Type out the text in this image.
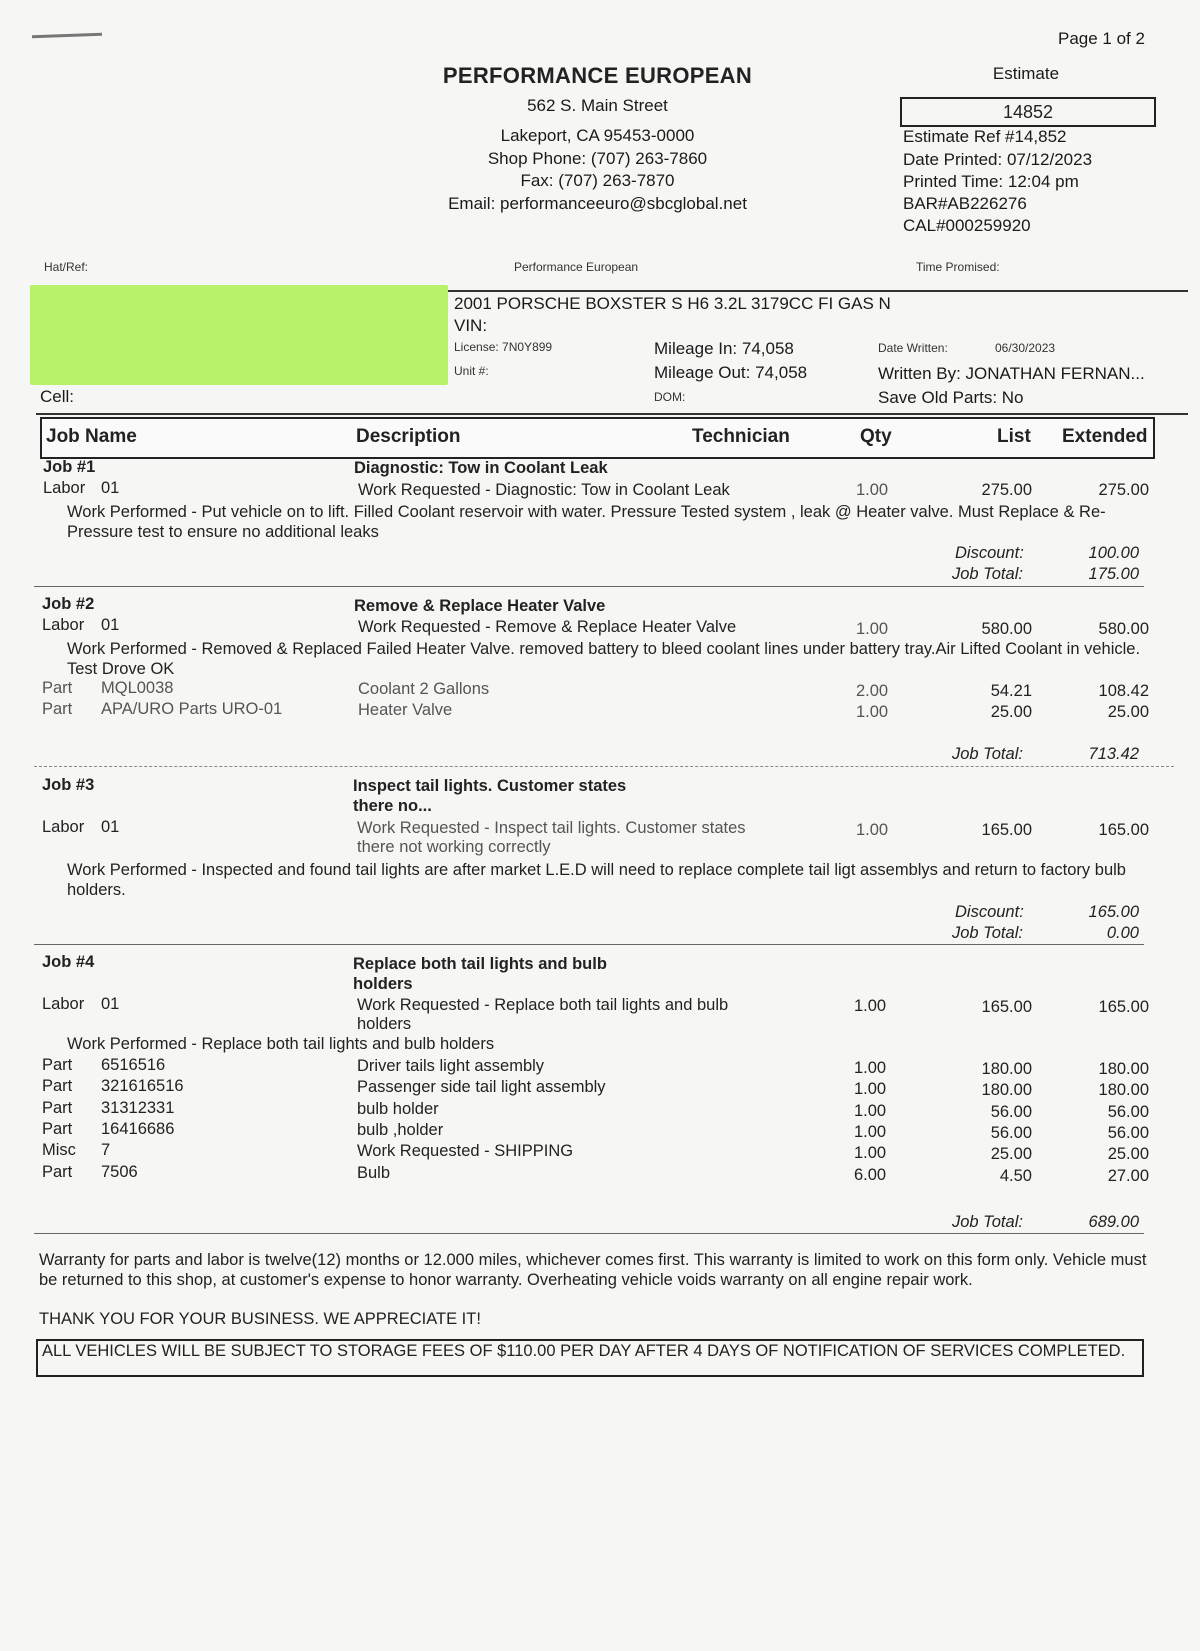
Page 1 of 2
PERFORMANCE EUROPEAN	Estimate
562 S. Main Street	14852
Lakeport, CA 95453-0000
Shop Phone: (707) 263-7860
Fax: (707) 263-7870
Email: performanceeuro@sbcglobal.net
Estimate Ref #14,852
Date Printed: 07/12/2023
Printed Time: 12:04 pm
BAR#AB226276
CAL#000259920
Hat/Ref:	Performance European	Time Promised:
Cell:
2001 PORSCHE BOXSTER S H6 3.2L 3179CC FI GAS N
VIN:
License: 7N0Y899
Unit #:
Mileage In: 74,058
Mileage Out: 74,058
DOM:
Date Written:	06/30/2023
Written By: JONATHAN FERNAN...
Save Old Parts: No
Job Name	Description	Technician	Qty	List Extended
Job #1	Diagnostic: Tow in Coolant Leak
Labor 01	Work Requested - Diagnostic: Tow in Coolant Leak	1.00	275.00	275.00
Work Performed - Put vehicle on to lift. Filled Coolant reservoir with water. Pressure Tested system , leak @ Heater valve. Must Replace & Re- Pressure test to ensure no additional leaks
Discount:	100.00
Job Total:	175.00
Job #2	Remove & Replace Heater Valve
Labor 01	Work Requested - Remove & Replace Heater Valve	1.00	580.00	580.00
Work Performed - Removed & Replaced Failed Heater Valve. removed battery to bleed coolant lines under battery tray.Air Lifted Coolant in vehicle. Test Drove OK
Part MQL0038	Coolant 2 Gallons	2.00	54.21	108.42
Part APA/URO Parts URO-01	Heater Valve	1.00	25.00	25.00
Job Total:	713.42
Job #3	Inspect tail lights. Customer states
there no...
Labor 01	Work Requested - Inspect tail lights. Customer states
there not working correctly
1.00	165.00	165.00
Work Performed - Inspected and found tail lights are after market L.E.D will need to replace complete tail ligt assemblys and return to factory bulb holders.
Discount:	165.00
Job Total:	0.00
Job #4	Replace both tail lights and bulb
holders
Labor 01	Work Requested - Replace both tail lights and bulb
holders
1.00	165.00	165.00
Work Performed - Replace both tail lights and bulb holders
Part 6516516	Driver tails light assembly	1.00	180.00	180.00
Part 321616516	Passenger side tail light assembly	1.00	180.00	180.00
Part 31312331	bulb holder	1.00	56.00	56.00
Part 16416686	bulb ,holder	1.00	56.00	56.00
Misc 7	Work Requested - SHIPPING	1.00	25.00	25.00
Part 7506	Bulb	6.00	4.50	27.00
Job Total:	689.00
Warranty for parts and labor is twelve(12) months or 12.000 miles, whichever comes first. This warranty is limited to work on this form only. Vehicle must be returned to this shop, at customer's expense to honor warranty. Overheating vehicle voids warranty on all engine repair work.
THANK YOU FOR YOUR BUSINESS. WE APPRECIATE IT!
ALL VEHICLES WILL BE SUBJECT TO STORAGE FEES OF $110.00 PER DAY AFTER 4 DAYS OF NOTIFICATION OF SERVICES COMPLETED.
